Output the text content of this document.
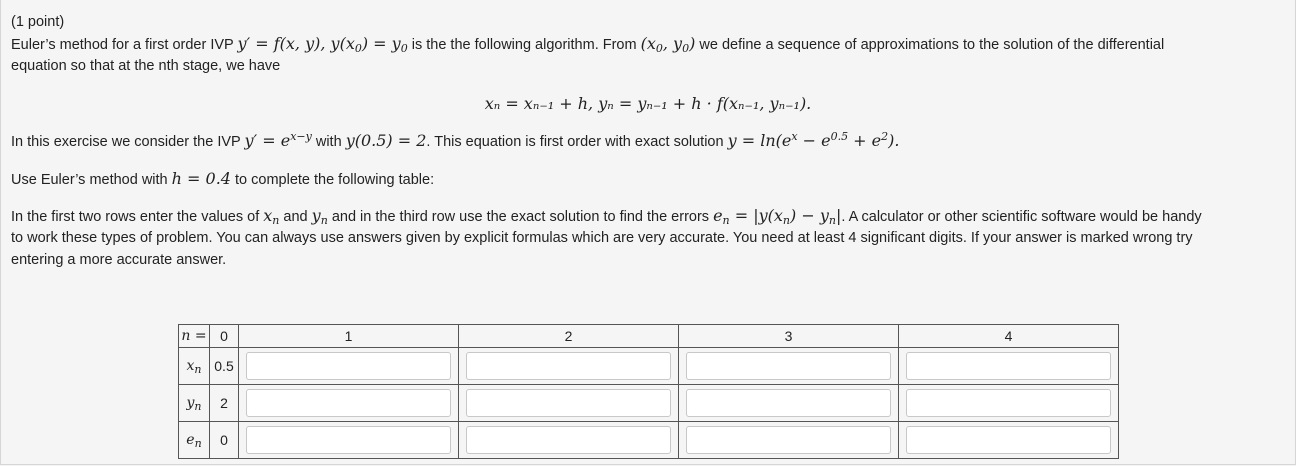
(1 point)
Euler’s method for a first order IVP y′ = f(x, y), $y(x_0) = y_0$ is the the following algorithm. From ($x_0$, $y_0$) we define a sequence of approximations to the solution of the differential
equation so that at the nth stage, we have
xₙ = xₙ₋₁ + h, yₙ = yₙ₋₁ + h · f(xₙ₋₁, yₙ₋₁).
In this exercise we consider the IVP $y' = e^{x-y}$ with y(0.5) = 2. This equation is first order with exact solution $y = \ln(e^x - e^{0.5} + e^2)$.
Use Euler’s method with h = 0.4 to complete the following table:
In the first two rows enter the values of $x_n$ and $y_n$ and in the third row use the exact solution to find the errors $e_n = |y(x_n) - y_n|$. A calculator or other scientific software would be handy
to work these types of problem. You can always use answers given by explicit formulas which are very accurate. You need at least 4 significant digits. If your answer is marked wrong try
entering a more accurate answer.
n =	0	1	2	3	4
$x_n$	0.5	

$y_n$	2	

$e_n$	0	
